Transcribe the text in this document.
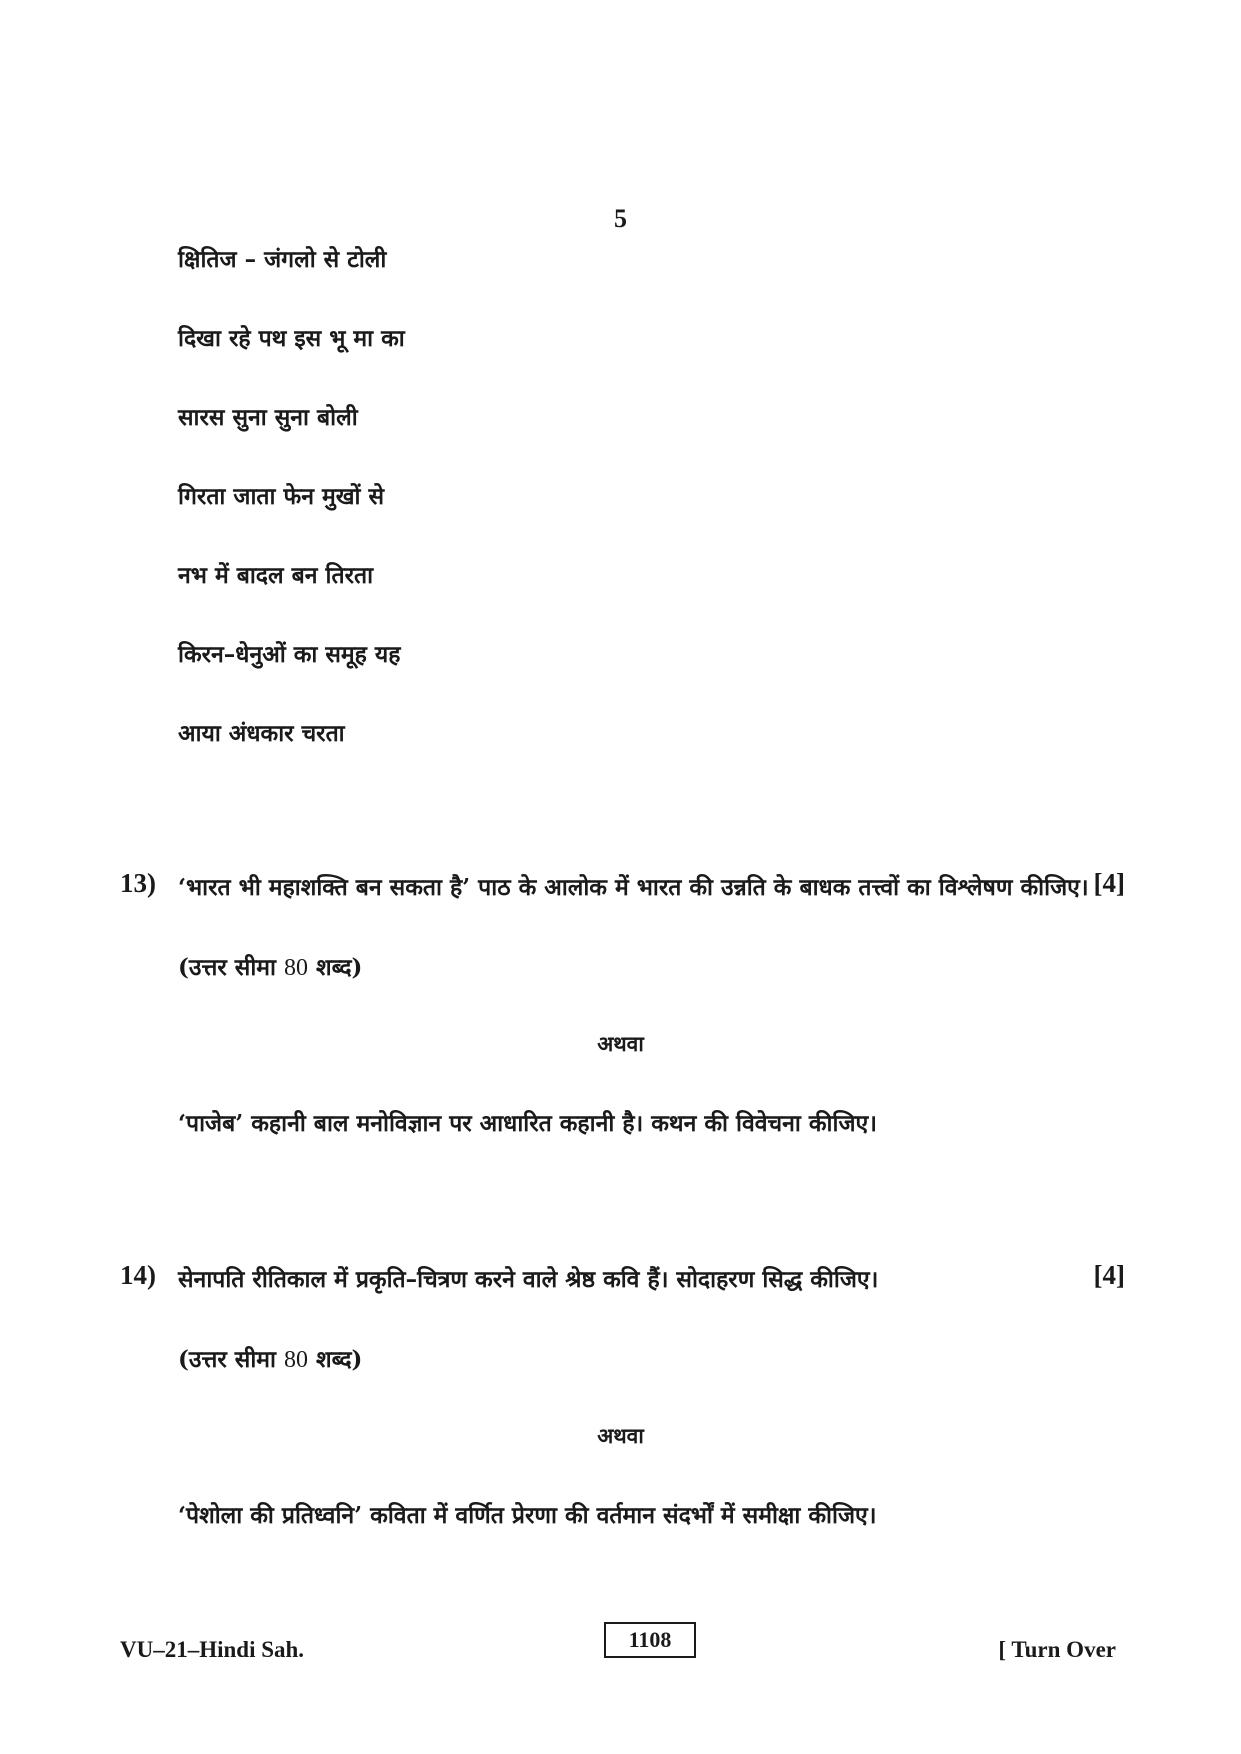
5
क्षितिज – जंगलो से टोली
दिखा रहे पथ इस भू मा का
सारस सुना सुना बोली
गिरता जाता फेन मुखों से
नभ में बादल बन तिरता
किरन–धेनुओं का समूह यह
आया अंधकार चरता
13) ‘भारत भी महाशक्ति बन सकता है’ पाठ के आलोक में भारत की उन्नति के बाधक तत्त्वों का विश्लेषण कीजिए। [4]
(उत्तर सीमा 80 शब्द)
अथवा
‘पाजेब’ कहानी बाल मनोविज्ञान पर आधारित कहानी है। कथन की विवेचना कीजिए।
14) सेनापति रीतिकाल में प्रकृति–चित्रण करने वाले श्रेष्ठ कवि हैं। सोदाहरण सिद्ध कीजिए।	[4]
(उत्तर सीमा 80 शब्द)
अथवा
‘पेशोला की प्रतिध्वनि’ कविता में वर्णित प्रेरणा की वर्तमान संदर्भों में समीक्षा कीजिए।
VU–21–Hindi Sah.	1108	[ Turn Over
